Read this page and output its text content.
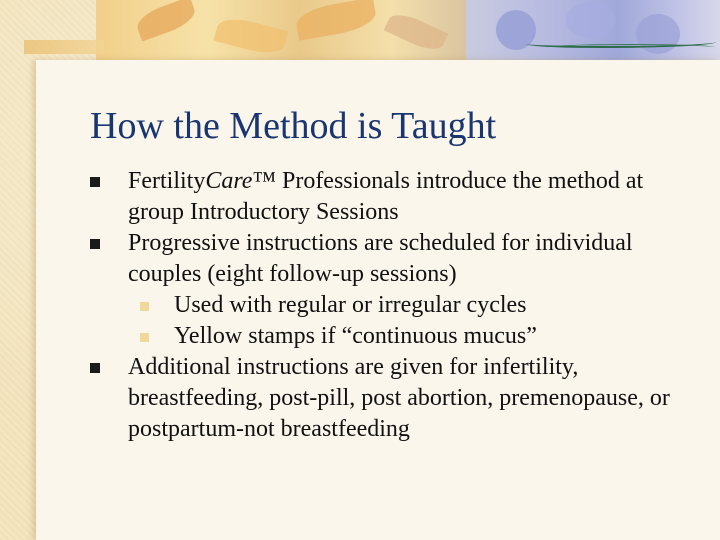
How the Method is Taught
FertilityCare™ Professionals introduce the method at group Introductory Sessions
Progressive instructions are scheduled for individual couples (eight follow-up sessions)
Used with regular or irregular cycles
Yellow stamps if “continuous mucus”
Additional instructions are given for infertility, breastfeeding, post-pill, post abortion, premenopause, or postpartum-not breastfeeding
